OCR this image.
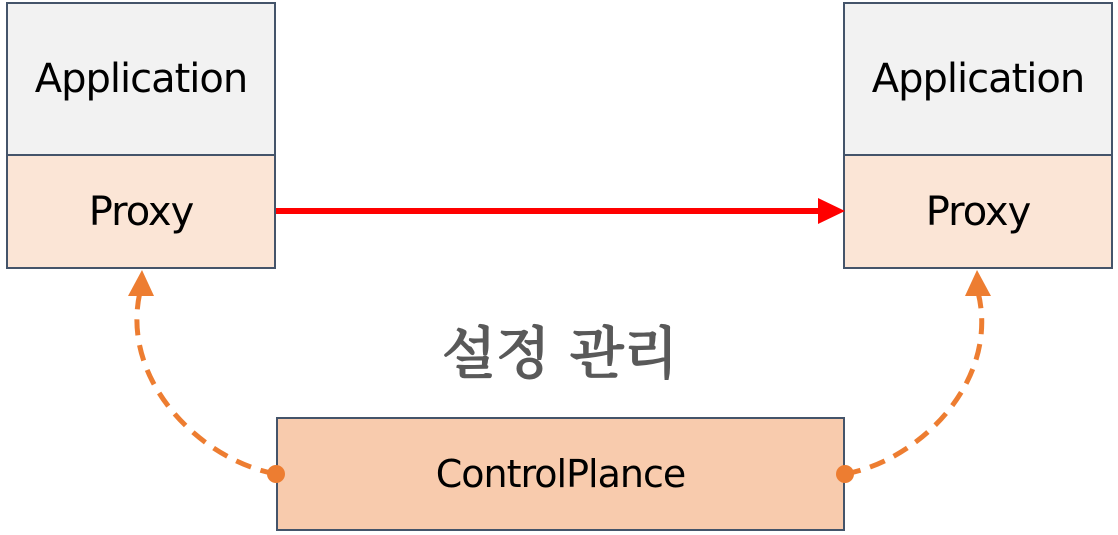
Application
Proxy
Application
Proxy
ControlPlance
설정 관리
